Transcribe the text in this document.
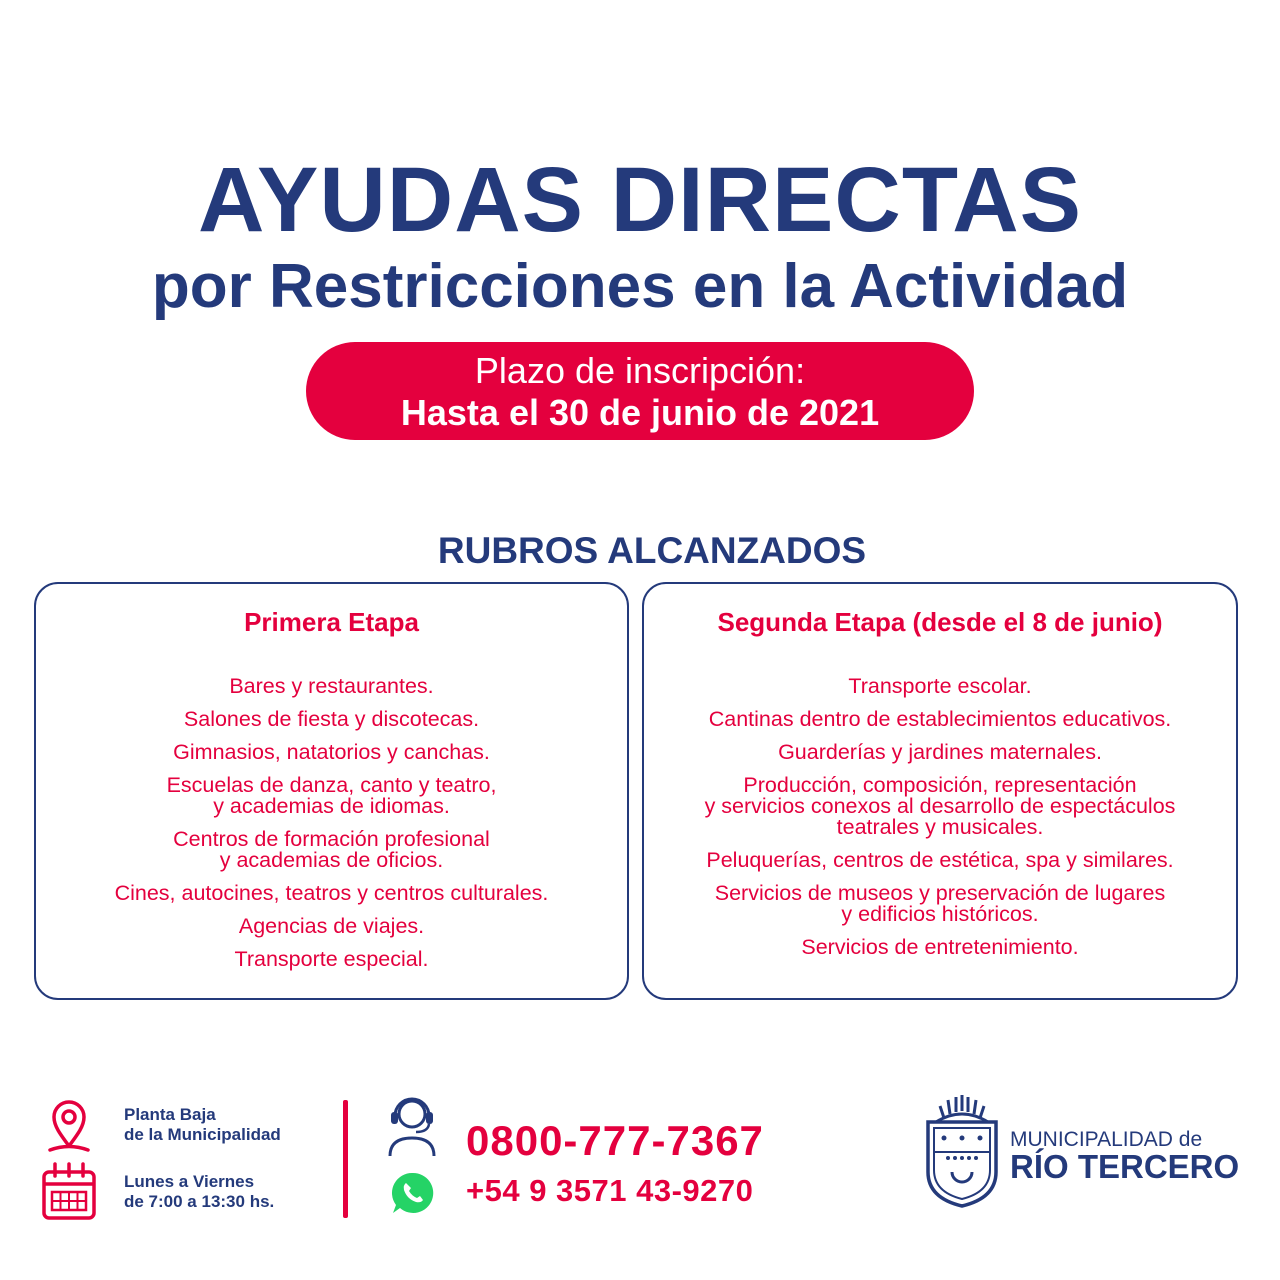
AYUDAS DIRECTAS
por Restricciones en la Actividad
Plazo de inscripción:
Hasta el 30 de junio de 2021
RUBROS ALCANZADOS
Primera Etapa
Bares y restaurantes.
Salones de fiesta y discotecas.
Gimnasios, natatorios y canchas.
Escuelas de danza, canto y teatro,
y academias de idiomas.
Centros de formación profesional
y academias de oficios.
Cines, autocines, teatros y centros culturales.
Agencias de viajes.
Transporte especial.
Segunda Etapa (desde el 8 de junio)
Transporte escolar.
Cantinas dentro de establecimientos educativos.
Guarderías y jardines maternales.
Producción, composición, representación
y servicios conexos al desarrollo de espectáculos
teatrales y musicales.
Peluquerías, centros de estética, spa y similares.
Servicios de museos y preservación de lugares
y edificios históricos.
Servicios de entretenimiento.
Planta Baja
de la Municipalidad
Lunes a Viernes
de 7:00 a 13:30 hs.
0800-777-7367
+54 9 3571 43-9270
MUNICIPALIDAD de
RÍO TERCERO
